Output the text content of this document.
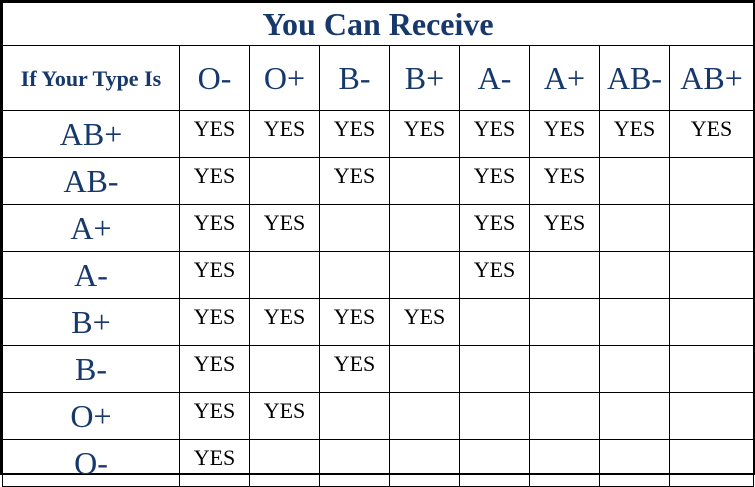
You Can Receive								
If Your Type Is	O-	O+	B-	B+	A-	A+	AB-	AB+
AB+	YES	YES	YES	YES	YES	YES	YES	YES
AB-	YES		YES		YES	YES		
A+	YES	YES			YES	YES		
A-	YES				YES			
B+	YES	YES	YES	YES				
B-	YES		YES					
O+	YES	YES						
O-	YES							
